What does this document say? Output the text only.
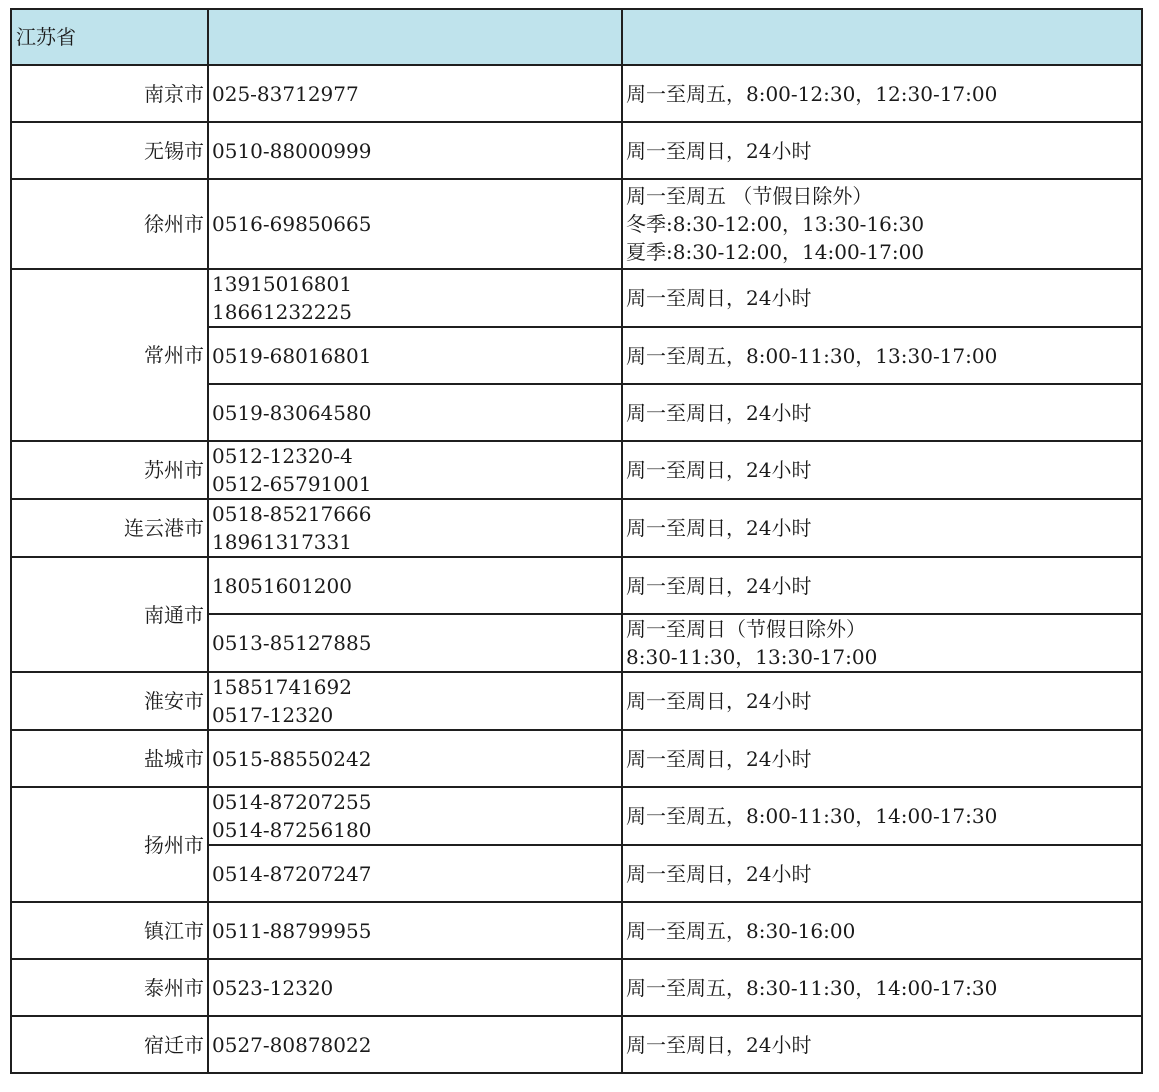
江苏省		
南京市	025-83712977	周一至周五，8:00-12:30，12:30-17:00

无锡市	0510-88000999	周一至周日，24小时

徐州市	0516-69850665	周一至周五 （节假日除外）
冬季:8:30-12:00，13:30-16:30
夏季:8:30-12:00，14:00-17:00

常州市	13915016801
18661232225	周一至周日，24小时

	0519-68016801	周一至周五，8:00-11:30，13:30-17:00

	0519-83064580	周一至周日，24小时

苏州市	0512-12320-4
0512-65791001	周一至周日，24小时

连云港市	0518-85217666
18961317331	周一至周日，24小时

南通市	18051601200	周一至周日，24小时

	0513-85127885	周一至周日（节假日除外）
8:30-11:30，13:30-17:00

淮安市	15851741692
0517-12320	周一至周日，24小时

盐城市	0515-88550242	周一至周日，24小时

扬州市	0514-87207255
0514-87256180	周一至周五，8:00-11:30，14:00-17:30

	0514-87207247	周一至周日，24小时

镇江市	0511-88799955	周一至周五，8:30-16:00

泰州市	0523-12320	周一至周五，8:30-11:30，14:00-17:30

宿迁市	0527-80878022	周一至周日，24小时
